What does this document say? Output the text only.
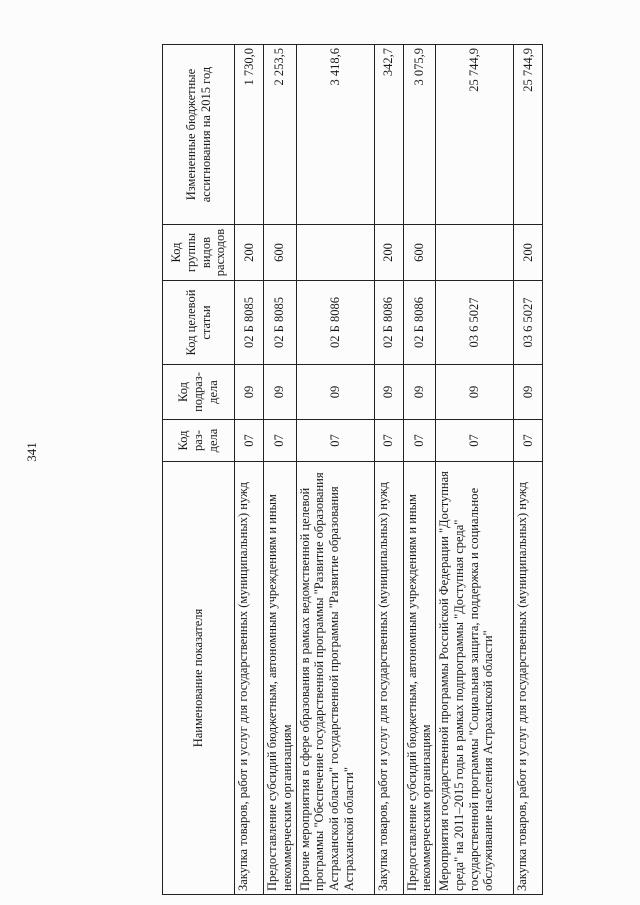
341
Наименование показателя	Код раз-дела	Код подраз-дела	Код целевой статьи	Код группы видов расходов	Измененные бюджетные ассигнования на 2015 год
Закупка товаров, работ и услуг для государственных (муниципальных) нужд	07	09	02 Б 8085	200	1 730,0
Предоставление субсидий бюджетным, автономным учреждениям и иным некоммерческим организациям	07	09	02 Б 8085	600	2 253,5
Прочие мероприятия в сфере образования в рамках ведомственной целевой программы "Обеспечение государственной программы "Развитие образования Астраханской области" государственной программы "Развитие образования Астраханской области"	07	09	02 Б 8086		3 418,6
Закупка товаров, работ и услуг для государственных (муниципальных) нужд	07	09	02 Б 8086	200	342,7
Предоставление субсидий бюджетным, автономным учреждениям и иным некоммерческим организациям	07	09	02 Б 8086	600	3 075,9
Мероприятия государственной программы Российской Федерации "Доступная среда" на 2011–2015 годы в рамках подпрограммы "Доступная среда" государственной программы "Социальная защита, поддержка и социальное обслуживание населения Астраханской области"	07	09	03 6 5027		25 744,9
Закупка товаров, работ и услуг для государственных (муниципальных) нужд	07	09	03 6 5027	200	25 744,9
